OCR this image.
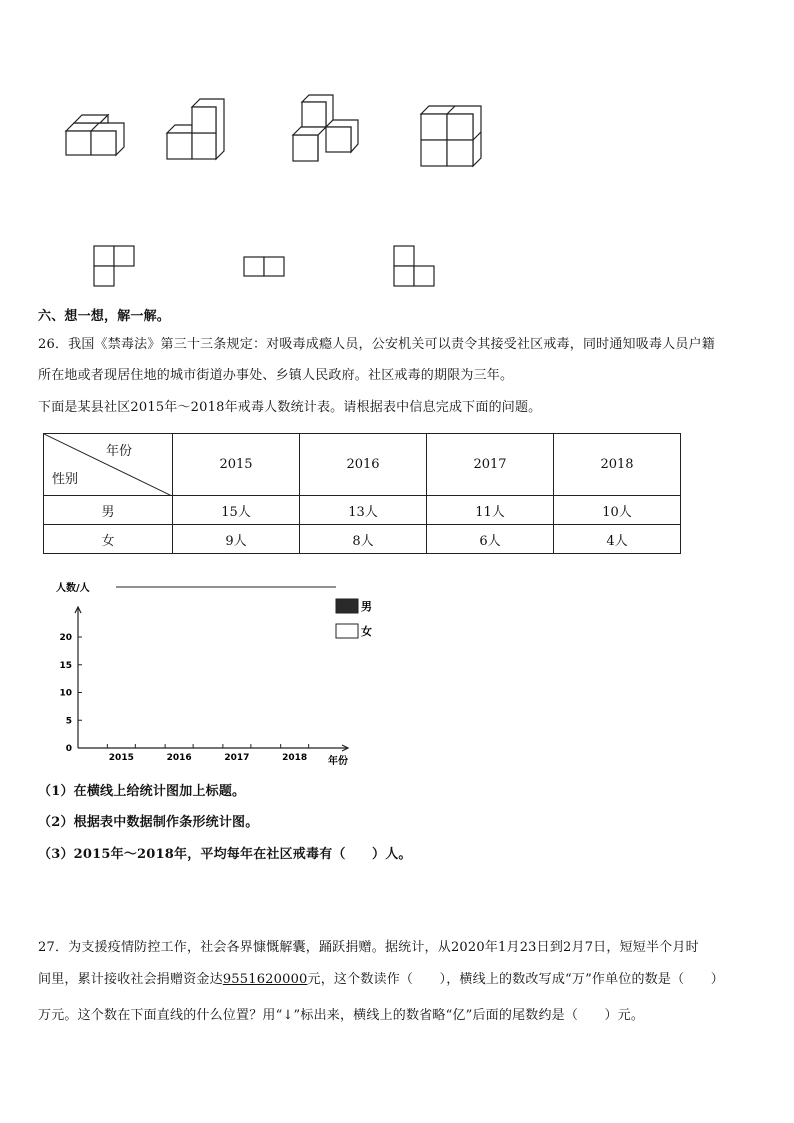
六、想一想，解一解。
26．我国《禁毒法》第三十三条规定：对吸毒成瘾人员，公安机关可以责令其接受社区戒毒，同时通知吸毒人员户籍
所在地或者现居住地的城市街道办事处、乡镇人民政府。社区戒毒的期限为三年。
下面是某县社区2015年～2018年戒毒人数统计表。请根据表中信息完成下面的问题。
年份
性别	2015	2016	2017	2018
男	15人	13人	11人	10人
女	9人	8人	6人	4人
人数/人
0
5
10
15
20
2015	2016	2017	2018 年份
男
女
（1）在横线上给统计图加上标题。
（2）根据表中数据制作条形统计图。
（3）2015年～2018年，平均每年在社区戒毒有（　　）人。
27．为支援疫情防控工作，社会各界慷慨解囊，踊跃捐赠。据统计，从2020年1月23日到2月7日，短短半个月时
间里，累计接收社会捐赠资金达9551620000元，这个数读作（　　），横线上的数改写成“万”作单位的数是（　　）
万元。这个数在下面直线的什么位置？用“↓”标出来，横线上的数省略“亿”后面的尾数约是（　　）元。
